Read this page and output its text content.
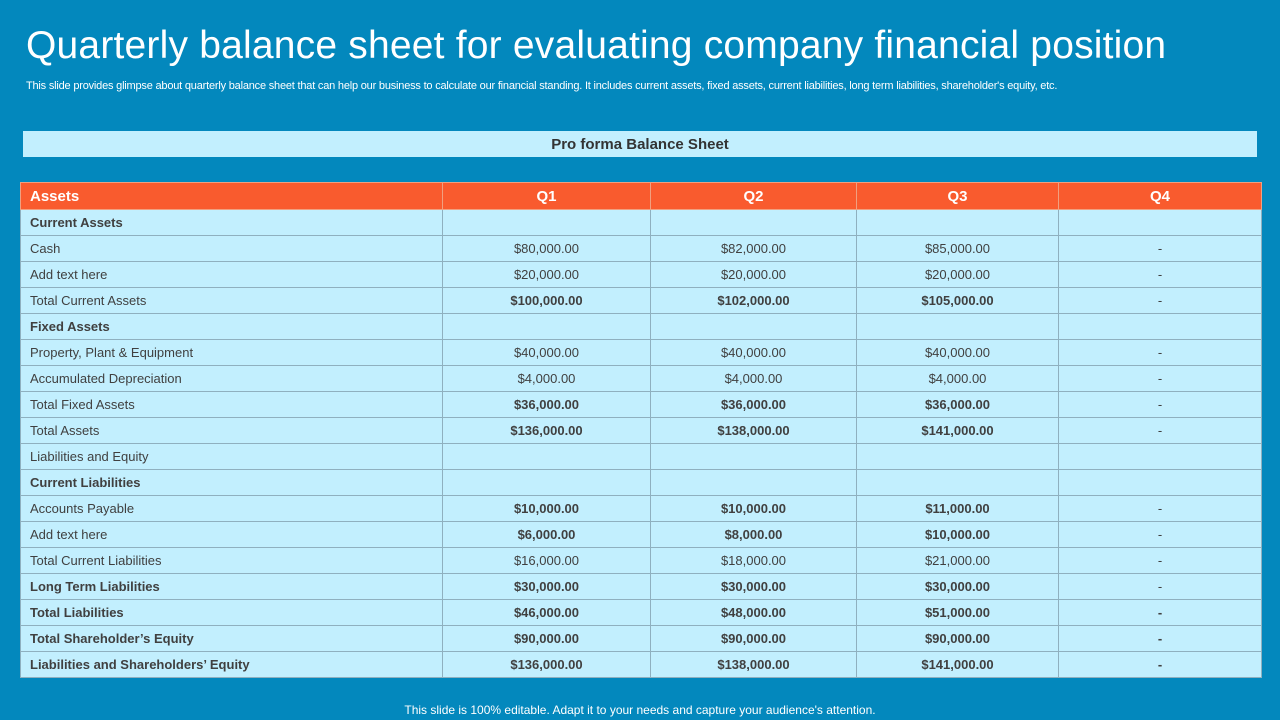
Quarterly balance sheet for evaluating company financial position
This slide provides glimpse about quarterly balance sheet that can help our business to calculate our financial standing. It includes current assets, fixed assets, current liabilities, long term liabilities, shareholder's equity, etc.
Pro forma Balance Sheet
Assets	Q1	Q2	Q3	Q4
Current Assets				
Cash	$80,000.00	$82,000.00	$85,000.00	-
Add text here	$20,000.00	$20,000.00	$20,000.00	-
Total Current Assets	$100,000.00	$102,000.00	$105,000.00	-
Fixed Assets				
Property, Plant & Equipment	$40,000.00	$40,000.00	$40,000.00	-
Accumulated Depreciation	$4,000.00	$4,000.00	$4,000.00	-
Total Fixed Assets	$36,000.00	$36,000.00	$36,000.00	-
Total Assets	$136,000.00	$138,000.00	$141,000.00	-
Liabilities and Equity				
Current Liabilities				
Accounts Payable	$10,000.00	$10,000.00	$11,000.00	-
Add text here	$6,000.00	$8,000.00	$10,000.00	-
Total Current Liabilities	$16,000.00	$18,000.00	$21,000.00	-
Long Term Liabilities	$30,000.00	$30,000.00	$30,000.00	-
Total Liabilities	$46,000.00	$48,000.00	$51,000.00	-
Total Shareholder’s Equity	$90,000.00	$90,000.00	$90,000.00	-
Liabilities and Shareholders’ Equity	$136,000.00	$138,000.00	$141,000.00	-
This slide is 100% editable. Adapt it to your needs and capture your audience's attention.
